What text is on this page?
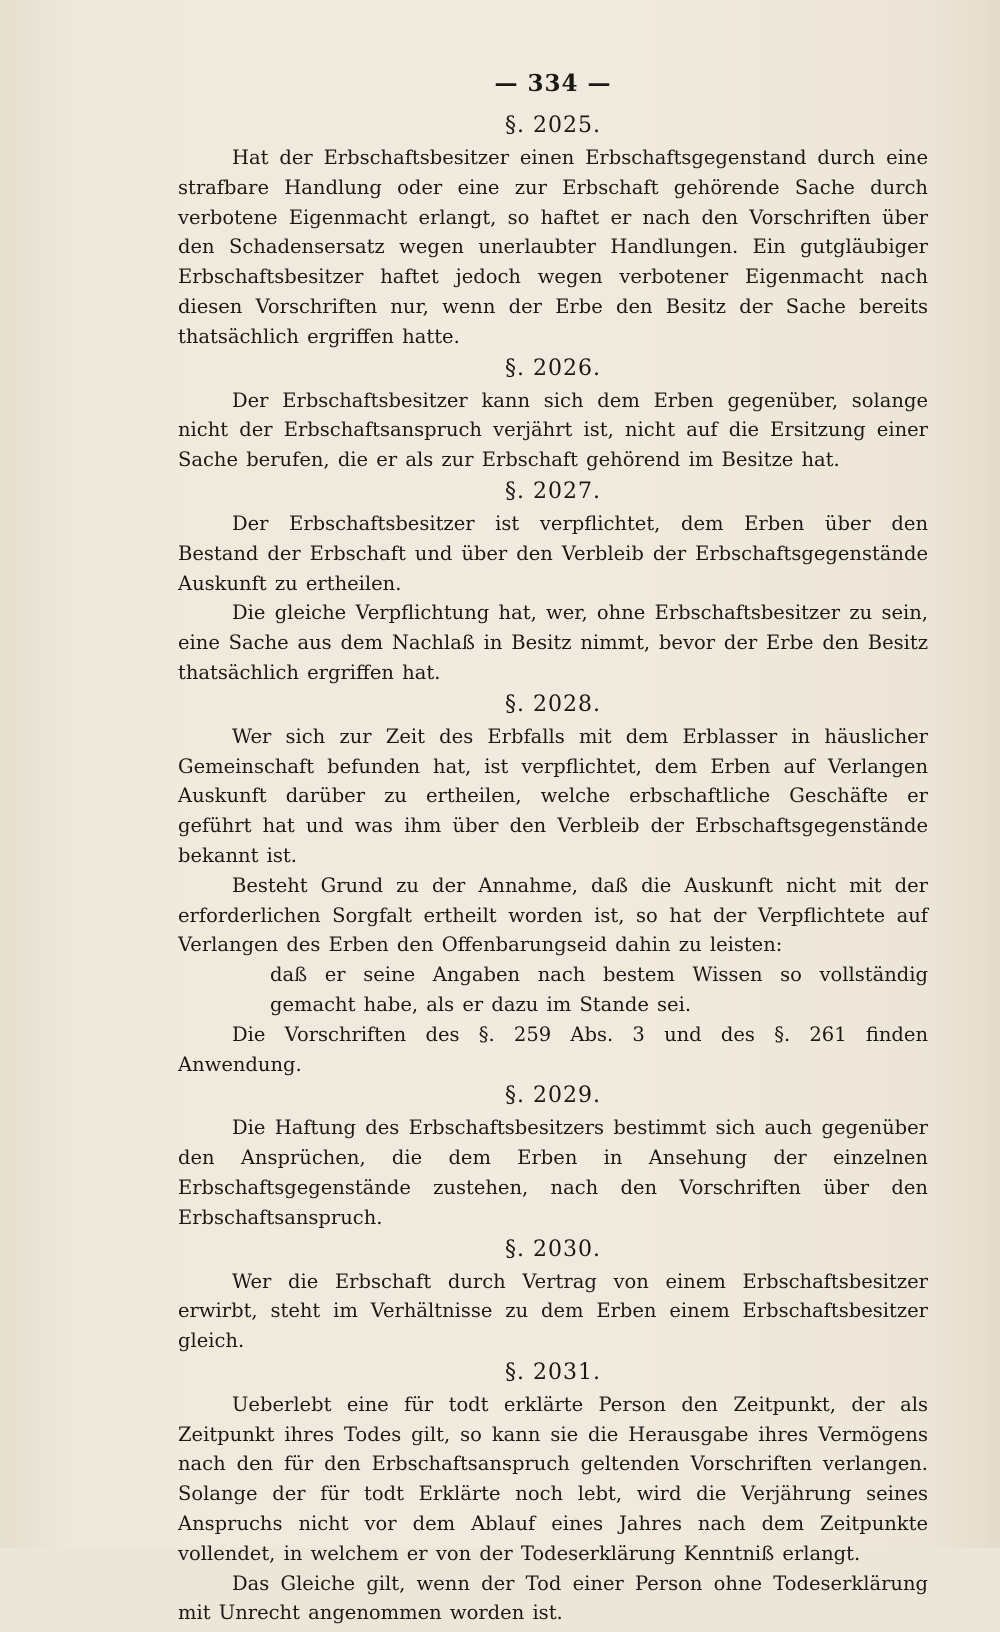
— 334 —
§. 2025.

Hat der Erbschaftsbesitzer einen Erbschaftsgegenstand durch eine strafbare Handlung oder eine zur Erbschaft gehörende Sache durch verbotene Eigenmacht erlangt, so haftet er nach den Vorschriften über den Schadensersatz wegen unerlaubter Handlungen. Ein gutgläubiger Erbschaftsbesitzer haftet jedoch wegen verbotener Eigenmacht nach diesen Vorschriften nur, wenn der Erbe den Besitz der Sache bereits thatsächlich ergriffen hatte.

§. 2026.

Der Erbschaftsbesitzer kann sich dem Erben gegenüber, solange nicht der Erbschaftsanspruch verjährt ist, nicht auf die Ersitzung einer Sache berufen, die er als zur Erbschaft gehörend im Besitze hat.

§. 2027.

Der Erbschaftsbesitzer ist verpflichtet, dem Erben über den Bestand der Erbschaft und über den Verbleib der Erbschaftsgegenstände Auskunft zu ertheilen.

Die gleiche Verpflichtung hat, wer, ohne Erbschaftsbesitzer zu sein, eine Sache aus dem Nachlaß in Besitz nimmt, bevor der Erbe den Besitz thatsächlich ergriffen hat.

§. 2028.

Wer sich zur Zeit des Erbfalls mit dem Erblasser in häuslicher Gemeinschaft befunden hat, ist verpflichtet, dem Erben auf Verlangen Auskunft darüber zu ertheilen, welche erbschaftliche Geschäfte er geführt hat und was ihm über den Verbleib der Erbschaftsgegenstände bekannt ist.

Besteht Grund zu der Annahme, daß die Auskunft nicht mit der erforderlichen Sorgfalt ertheilt worden ist, so hat der Verpflichtete auf Verlangen des Erben den Offenbarungseid dahin zu leisten:

daß er seine Angaben nach bestem Wissen so vollständig gemacht habe, als er dazu im Stande sei.

Die Vorschriften des §. 259 Abs. 3 und des §. 261 finden Anwendung.

§. 2029.

Die Haftung des Erbschaftsbesitzers bestimmt sich auch gegenüber den Ansprüchen, die dem Erben in Ansehung der einzelnen Erbschaftsgegenstände zustehen, nach den Vorschriften über den Erbschaftsanspruch.

§. 2030.

Wer die Erbschaft durch Vertrag von einem Erbschaftsbesitzer erwirbt, steht im Verhältnisse zu dem Erben einem Erbschaftsbesitzer gleich.

§. 2031.

Ueberlebt eine für todt erklärte Person den Zeitpunkt, der als Zeitpunkt ihres Todes gilt, so kann sie die Herausgabe ihres Vermögens nach den für den Erbschaftsanspruch geltenden Vorschriften verlangen. Solange der für todt Erklärte noch lebt, wird die Verjährung seines Anspruchs nicht vor dem Ablauf eines Jahres nach dem Zeitpunkte vollendet, in welchem er von der Todeserklärung Kenntniß erlangt.

Das Gleiche gilt, wenn der Tod einer Person ohne Todeserklärung mit Unrecht angenommen worden ist.
